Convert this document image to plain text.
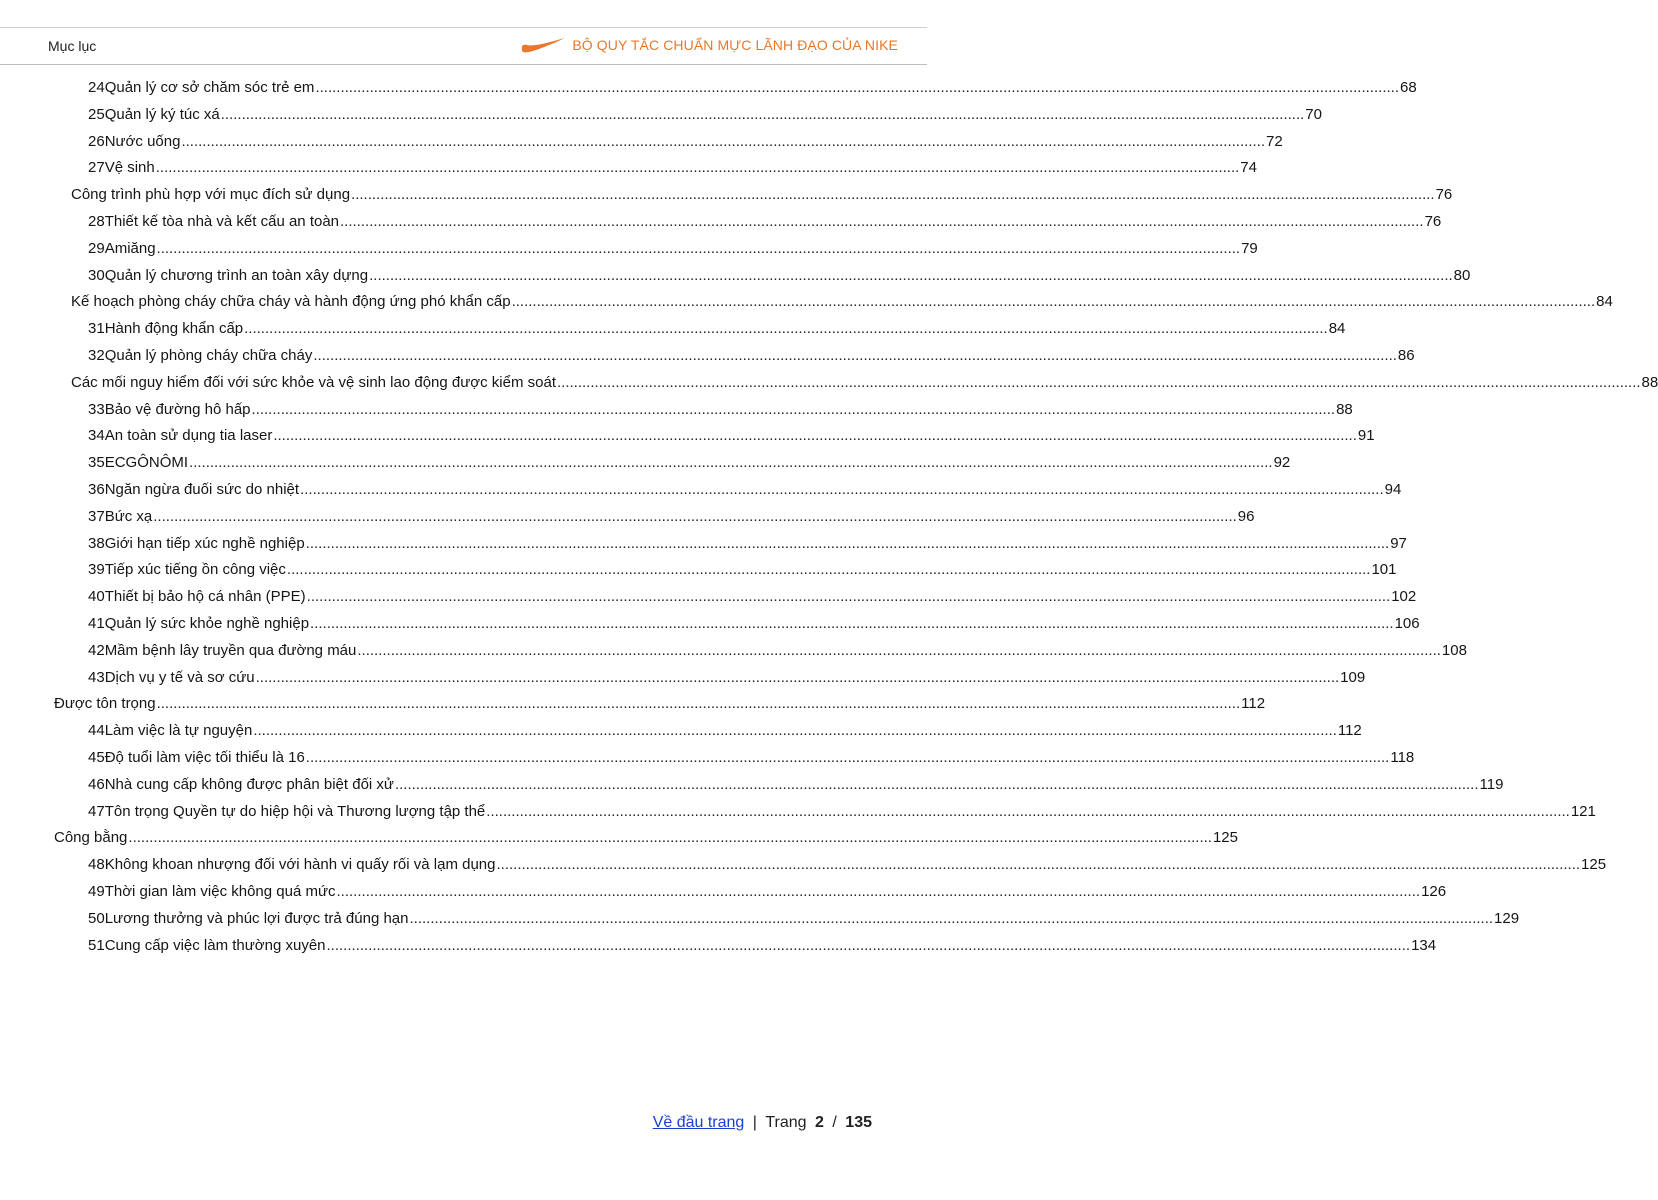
Mục lục	BỘ QUY TẮC CHUẨN MỰC LÃNH ĐẠO CỦA NIKE
24 Quản lý cơ sở chăm sóc trẻ em .................................................................................................................................................................................................................................................................... 68
25 Quản lý ký túc xá .................................................................................................................................................................................................................................................................... 70
26 Nước uống .................................................................................................................................................................................................................................................................... 72
27 Vệ sinh .................................................................................................................................................................................................................................................................... 74
Công trình phù hợp với mục đích sử dụng .................................................................................................................................................................................................................................................................... 76
28 Thiết kế tòa nhà và kết cấu an toàn .................................................................................................................................................................................................................................................................... 76
29 Amiăng .................................................................................................................................................................................................................................................................... 79
30 Quản lý chương trình an toàn xây dựng .................................................................................................................................................................................................................................................................... 80
Kế hoạch phòng cháy chữa cháy và hành động ứng phó khẩn cấp .................................................................................................................................................................................................................................................................... 84
31 Hành động khẩn cấp .................................................................................................................................................................................................................................................................... 84
32 Quản lý phòng cháy chữa cháy .................................................................................................................................................................................................................................................................... 86
Các mối nguy hiểm đối với sức khỏe và vệ sinh lao động được kiểm soát .................................................................................................................................................................................................................................................................... 88
33 Bảo vệ đường hô hấp .................................................................................................................................................................................................................................................................... 88
34 An toàn sử dụng tia laser .................................................................................................................................................................................................................................................................... 91
35 ECGÔNÔMI .................................................................................................................................................................................................................................................................... 92
36 Ngăn ngừa đuối sức do nhiệt .................................................................................................................................................................................................................................................................... 94
37 Bức xạ .................................................................................................................................................................................................................................................................... 96
38 Giới hạn tiếp xúc nghề nghiệp .................................................................................................................................................................................................................................................................... 97
39 Tiếp xúc tiếng ồn công việc .................................................................................................................................................................................................................................................................... 101
40 Thiết bị bảo hộ cá nhân (PPE) .................................................................................................................................................................................................................................................................... 102
41 Quản lý sức khỏe nghề nghiệp .................................................................................................................................................................................................................................................................... 106
42 Mầm bệnh lây truyền qua đường máu .................................................................................................................................................................................................................................................................... 108
43 Dịch vụ y tế và sơ cứu .................................................................................................................................................................................................................................................................... 109
Được tôn trọng .................................................................................................................................................................................................................................................................... 112
44 Làm việc là tự nguyện .................................................................................................................................................................................................................................................................... 112
45 Độ tuổi làm việc tối thiểu là 16 .................................................................................................................................................................................................................................................................... 118
46 Nhà cung cấp không được phân biệt đối xử .................................................................................................................................................................................................................................................................... 119
47 Tôn trọng Quyền tự do hiệp hội và Thương lượng tập thể .................................................................................................................................................................................................................................................................... 121
Công bằng .................................................................................................................................................................................................................................................................... 125
48 Không khoan nhượng đối với hành vi quấy rối và lạm dụng .................................................................................................................................................................................................................................................................... 125
49 Thời gian làm việc không quá mức .................................................................................................................................................................................................................................................................... 126
50 Lương thưởng và phúc lợi được trả đúng hạn .................................................................................................................................................................................................................................................................... 129
51 Cung cấp việc làm thường xuyên .................................................................................................................................................................................................................................................................... 134
Về đầu trang | Trang 2 / 135
